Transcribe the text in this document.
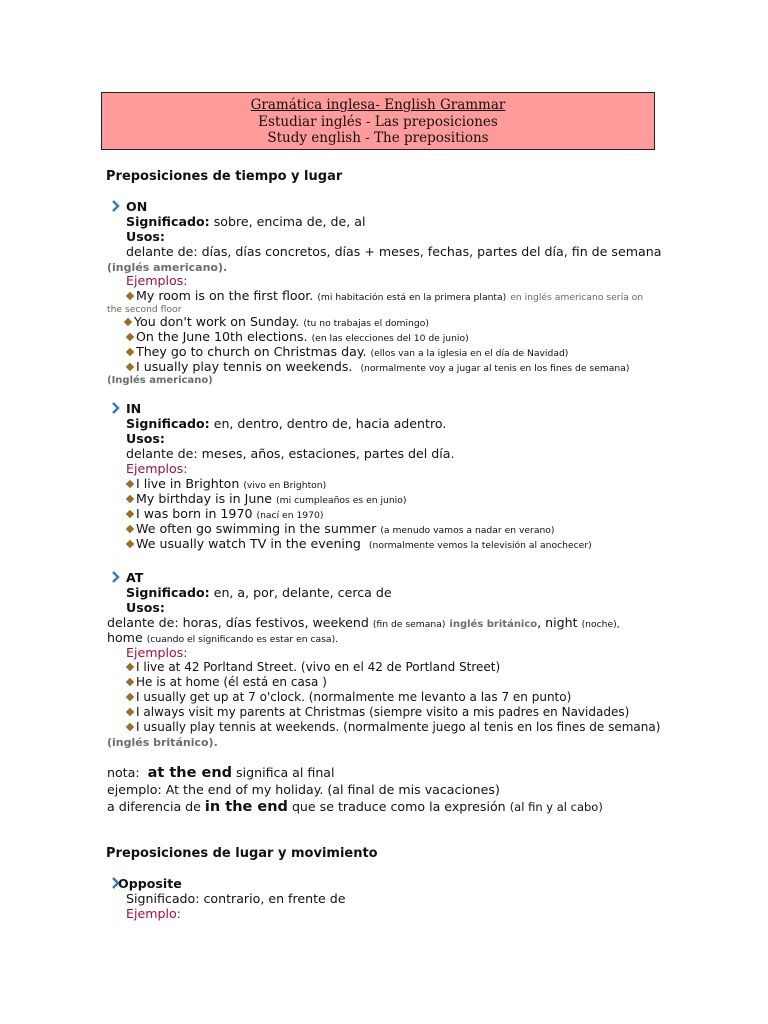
Gramática inglesa- English Grammar
Estudiar inglés - Las preposiciones
Study english - The prepositions
Preposiciones de tiempo y lugar
ON
Significado: sobre, encima de, de, al
Usos:
delante de: días, días concretos, días + meses, fechas, partes del día, fin de semana
(inglés americano).
Ejemplos:
My room is on the first floor. (mi habitación está en la primera planta) en inglés americano sería on
the second floor
You don't work on Sunday. (tu no trabajas el domingo)
On the June 10th elections. (en las elecciones del 10 de junio)
They go to church on Christmas day. (ellos van a la iglesia en el día de Navidad)
I usually play tennis on weekends. (normalmente voy a jugar al tenis en los fines de semana)
(Inglés americano)
IN
Significado: en, dentro, dentro de, hacia adentro.
Usos:
delante de: meses, años, estaciones, partes del día.
Ejemplos:
I live in Brighton (vivo en Brighton)
My birthday is in June (mi cumpleaños es en junio)
I was born in 1970 (nací en 1970)
We often go swimming in the summer (a menudo vamos a nadar en verano)
We usually watch TV in the evening (normalmente vemos la televisión al anochecer)
AT
Significado: en, a, por, delante, cerca de
Usos:
delante de: horas, días festivos, weekend (fin de semana) inglés británico, night (noche),
home (cuando el significando es estar en casa).
Ejemplos:
I live at 42 Porltand Street. (vivo en el 42 de Portland Street)
He is at home (él está en casa )
I usually get up at 7 o'clock. (normalmente me levanto a las 7 en punto)
I always visit my parents at Christmas (siempre visito a mis padres en Navidades)
I usually play tennis at weekends. (normalmente juego al tenis en los fines de semana)
(inglés británico).
nota: at the end significa al final
ejemplo: At the end of my holiday. (al final de mis vacaciones)
a diferencia de in the end que se traduce como la expresión (al fin y al cabo)
Preposiciones de lugar y movimiento
Opposite
Significado: contrario, en frente de
Ejemplo:
